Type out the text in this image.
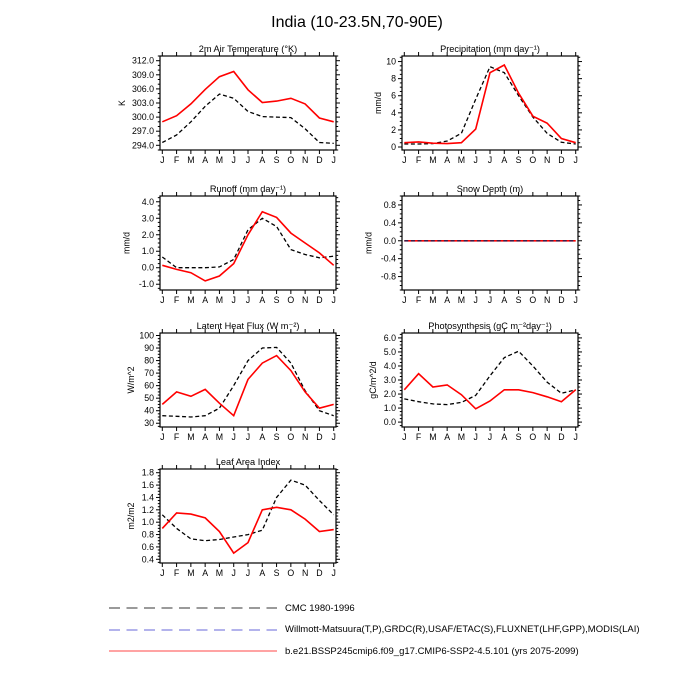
India (10-23.5N,70-90E)
2m Air Temperature (°K)
K
J F M A M J J A S O N D J
294.0
297.0
300.0
303.0
306.0
309.0
312.0
Precipitation (mm day⁻¹)
mm/d
J F M A M J J A S O N D J
0
2
4
6
8
10
Runoff (mm day⁻¹)
mm/d
J F M A M J J A S O N D J
-1.0
0.0
1.0
2.0
3.0
4.0
Snow Depth (m)
mm/d
J F M A M J J A S O N D J
-0.8
-0.4
0.0
0.4
0.8
Latent Heat Flux (W m⁻²)
W/m^2
J F M A M J J A S O N D J
30
40
50
60
70
80
90
100
Photosynthesis (gC m⁻²day⁻¹)
gC/m^2/d
J F M A M J J A S O N D J
0.0
1.0
2.0
3.0
4.0
5.0
6.0
Leaf Area Index
m2/m2
J F M A M J J A S O N D J
0.4
0.6
0.8
1.0
1.2
1.4
1.6
1.8
CMC 1980-1996
Willmott-Matsuura(T,P),GRDC(R),USAF/ETAC(S),FLUXNET(LHF,GPP),MODIS(LAI)
b.e21.BSSP245cmip6.f09_g17.CMIP6-SSP2-4.5.101 (yrs 2075-2099)
